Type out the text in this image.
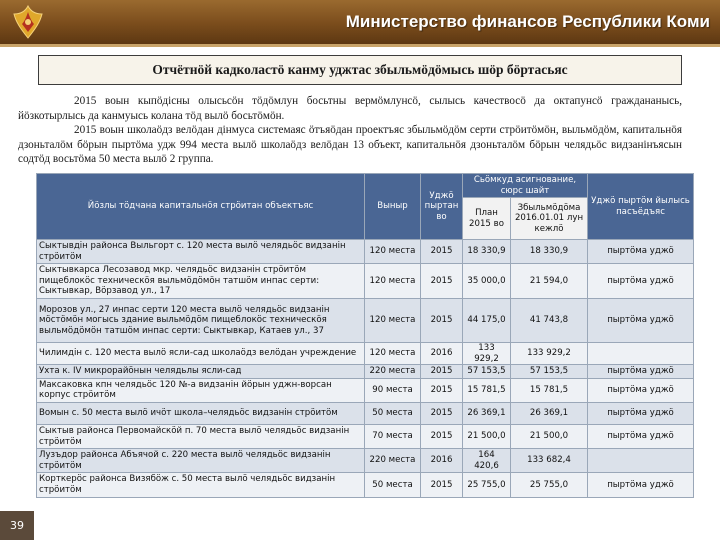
Министерство финансов Республики Коми
Отчётнӧй кадколастӧ канму уджтас збыльмӧдӧмысь шӧр бӧртасьяс

2015 воын кыпӧдісны олысьсӧн тӧдӧмлун босьтны вермӧмлунсӧ, сылысь качествосӧ да октапунсӧ граждананысь, йӧзкотырлысь да канмуысь колана тӧд вылӧ босьтӧмӧн.

2015 воын школаӧдз велӧдан дінмуса системаяс ӧтъяӧдан проектъяс збыльмӧдӧм серти стрӧитӧмӧн, выльмӧдӧм, капитальнӧя дзоньталӧм бӧрын пыртӧма удж 994 места вылӧ школаӧдз велӧдан 13 объект, капитальнӧя дзоньталӧм бӧрын челядьӧс видзанінъясын содтӧд восьтӧма 50 места вылӧ 2 группа.

Йӧзлы тӧдчана капитальнӧя стрӧитан объектъяс	Выныр	Уджӧ пыртан во	Сьӧмкуд асигнование, сюрс шайт		Уджӧ пыртӧм йылысь пасъёдъяс
			План 2015 во	Збыльмӧдӧма 2016.01.01 лун кежлӧ	
Сыктывдін районса Выльгорт с. 120 места вылӧ челядьӧс видзанін стрӧитӧм	120 места	2015	18 330,9	18 330,9	пыртӧма уджӧ
Сыктывкарса Лесозавод мкр. челядьӧс видзанін стрӧитӧм пищеблокӧс техническӧя выльмӧдӧмӧн татшӧм инпас серти: Сыктывкар, Вӧрзавод ул., 17	120 места	2015	35 000,0	21 594,0	пыртӧма уджӧ
Морозов ул., 27 инпас серти 120 места вылӧ челядьӧс видзанін мӧстӧмӧн могысь здание выльмӧдӧм пищеблокӧс техническӧя выльмӧдӧмӧн татшӧм инпас серти: Сыктывкар, Катаев ул., 37	120 места	2015	44 175,0	41 743,8	пыртӧма уджӧ
Чилимдін с. 120 места вылӧ ясли-сад школаӧдз велӧдан учреждение	120 места	2016	133 929,2	133 929,2	
Ухта к. IV микрорайӧнын челядьлы ясли-сад	220 места	2015	57 153,5	57 153,5	пыртӧма уджӧ
Максаковка кпн челядьӧс 120 №-а видзанін йӧрын уджн-ворсан корпус стрӧитӧм	90 места	2015	15 781,5	15 781,5	пыртӧма уджӧ
Вомын с. 50 места вылӧ ичӧт школа–челядьӧс видзанін стрӧитӧм	50 места	2015	26 369,1	26 369,1	пыртӧма уджӧ
Сыктыв районса Первомайскӧй п. 70 места вылӧ челядьӧс видзанін стрӧитӧм	70 места	2015	21 500,0	21 500,0	пыртӧма уджӧ
Лузъдор районса Абъячой с. 220 места вылӧ челядьӧс видзанін стрӧитӧм	220 места	2016	164 420,6	133 682,4	
Корткерӧс районса Визябӧж с. 50 места вылӧ челядьӧс видзанін стрӧитӧм	50 места	2015	25 755,0	25 755,0	пыртӧма уджӧ
39
